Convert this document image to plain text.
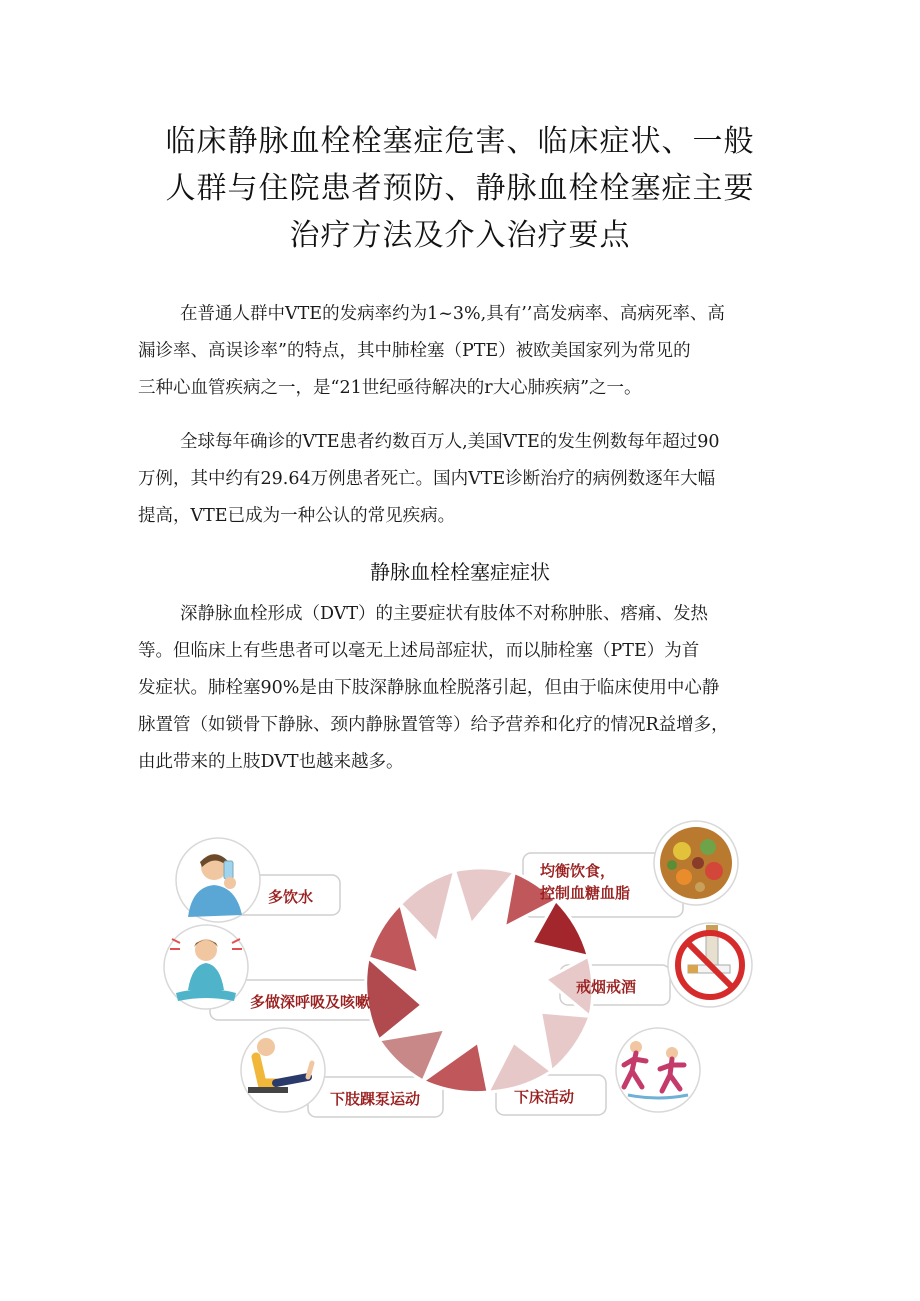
临床静脉血栓栓塞症危害、临床症状、一般
人群与住院患者预防、静脉血栓栓塞症主要
治疗方法及介入治疗要点
在普通人群中VTE的发病率约为1~3%,具有’’高发病率、高病死率、高
漏诊率、高误诊率”的特点，其中肺栓塞（PTE）被欧美国家列为常见的
三种心血管疾病之一，是“21世纪亟待解决的r大心肺疾病”之一。
全球每年确诊的VTE患者约数百万人,美国VTE的发生例数每年超过90
万例，其中约有29.64万例患者死亡。国内VTE诊断治疗的病例数逐年大幅
提高，VTE已成为一种公认的常见疾病。
静脉血栓栓塞症症状
深静脉血栓形成（DVT）的主要症状有肢体不对称肿胀、瘩痛、发热
等。但临床上有些患者可以毫无上述局部症状，而以肺栓塞（PTE）为首
发症状。肺栓塞90%是由下肢深静脉血栓脱落引起，但由于临床使用中心静
脉置管（如锁骨下静脉、颈内静脉置管等）给予营养和化疗的情况R益增多，
由此带来的上肢DVT也越来越多。
多饮水
多做深呼吸及咳嗽
下肢踝泵运动
均衡饮食，
控制血糖血脂
戒烟戒酒
下床活动
